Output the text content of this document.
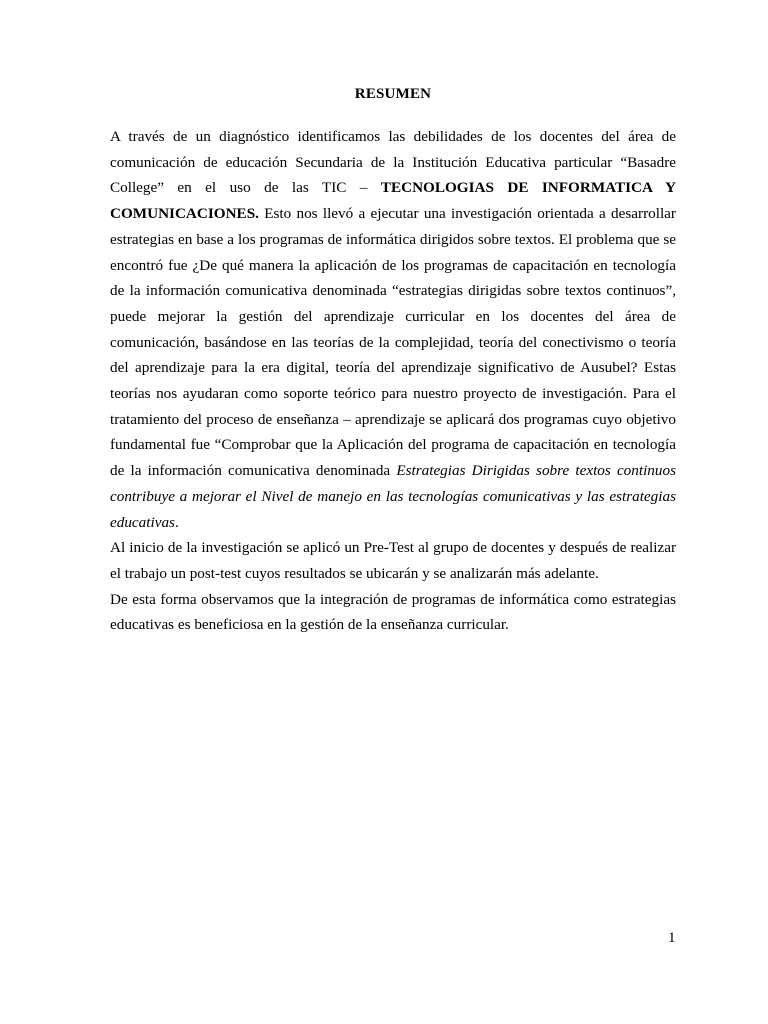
RESUMEN

A través de un diagnóstico identificamos las debilidades de los docentes del área de comunicación de educación Secundaria de la Institución Educativa particular “Basadre College” en el uso de las TIC – TECNOLOGIAS DE INFORMATICA Y COMUNICACIONES. Esto nos llevó a ejecutar una investigación orientada a desarrollar estrategias en base a los programas de informática dirigidos sobre textos. El problema que se encontró fue ¿De qué manera la aplicación de los programas de capacitación en tecnología de la información comunicativa denominada “estrategias dirigidas sobre textos continuos”, puede mejorar la gestión del aprendizaje curricular en los docentes del área de comunicación, basándose en las teorías de la complejidad, teoría del conectivismo o teoría del aprendizaje para la era digital, teoría del aprendizaje significativo de Ausubel? Estas teorías nos ayudaran como soporte teórico para nuestro proyecto de investigación. Para el tratamiento del proceso de enseñanza – aprendizaje se aplicará dos programas cuyo objetivo fundamental fue “Comprobar que la Aplicación del programa de capacitación en tecnología de la información comunicativa denominada Estrategias Dirigidas sobre textos continuos contribuye a mejorar el Nivel de manejo en las tecnologías comunicativas y las estrategias educativas.

Al inicio de la investigación se aplicó un Pre-Test al grupo de docentes y después de realizar el trabajo un post-test cuyos resultados se ubicarán y se analizarán más adelante.

De esta forma observamos que la integración de programas de informática como estrategias educativas es beneficiosa en la gestión de la enseñanza curricular.

1
